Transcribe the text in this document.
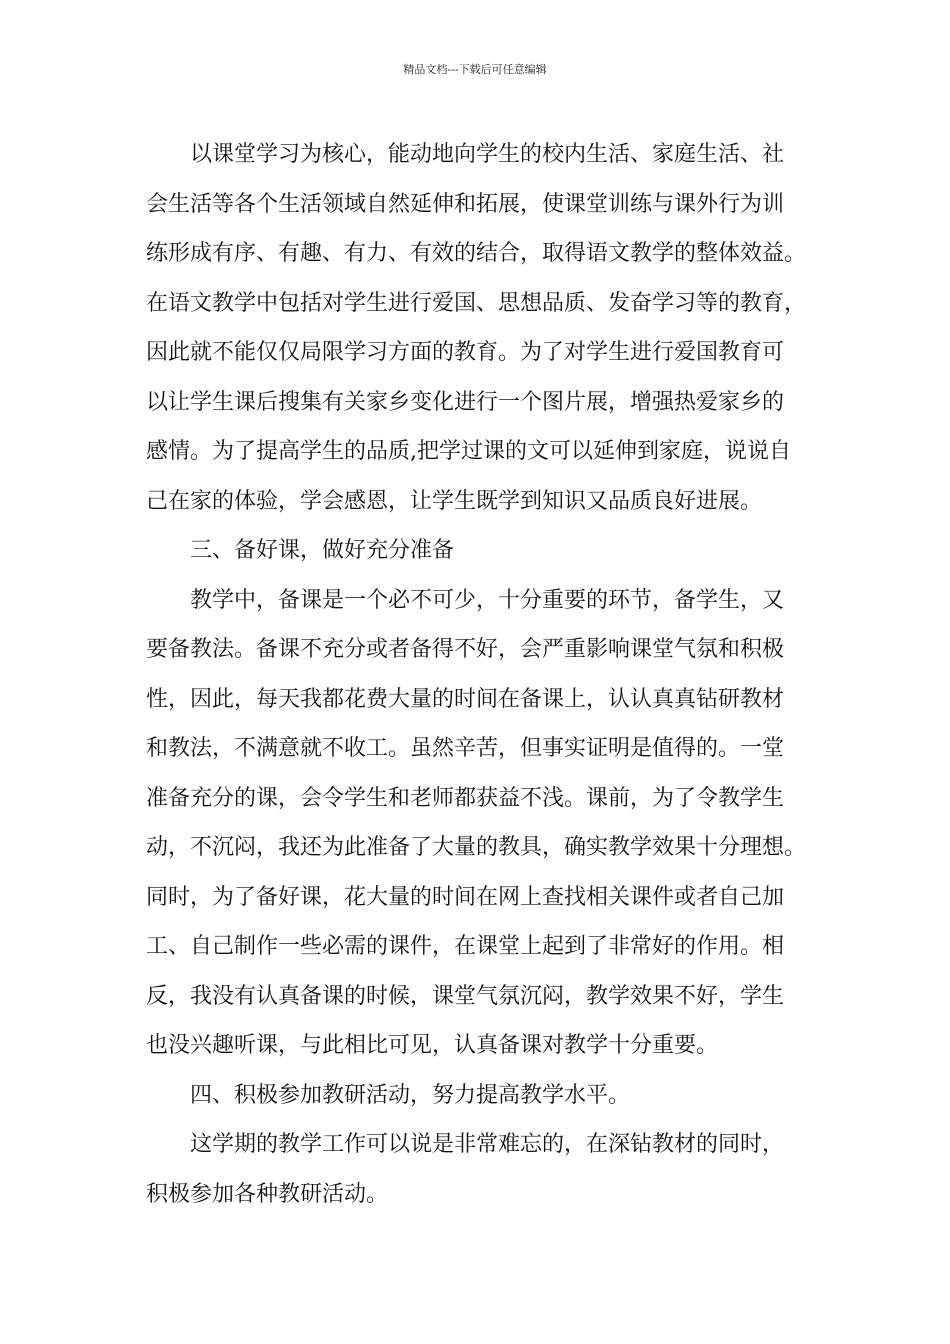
精品文档---下载后可任意编辑
以课堂学习为核心，能动地向学生的校内生活、家庭生活、社
会生活等各个生活领域自然延伸和拓展，使课堂训练与课外行为训
练形成有序、有趣、有力、有效的结合，取得语文教学的整体效益。
在语文教学中包括对学生进行爱国、思想品质、发奋学习等的教育，
因此就不能仅仅局限学习方面的教育。为了对学生进行爱国教育可
以让学生课后搜集有关家乡变化进行一个图片展，增强热爱家乡的
感情。为了提高学生的品质,把学过课的文可以延伸到家庭，说说自
己在家的体验，学会感恩，让学生既学到知识又品质良好进展。
三、备好课，做好充分准备
教学中，备课是一个必不可少，十分重要的环节，备学生，又
要备教法。备课不充分或者备得不好，会严重影响课堂气氛和积极
性，因此，每天我都花费大量的时间在备课上，认认真真钻研教材
和教法，不满意就不收工。虽然辛苦，但事实证明是值得的。一堂
准备充分的课，会令学生和老师都获益不浅。课前，为了令教学生
动，不沉闷，我还为此准备了大量的教具，确实教学效果十分理想。
同时，为了备好课，花大量的时间在网上查找相关课件或者自己加
工、自己制作一些必需的课件，在课堂上起到了非常好的作用。相
反，我没有认真备课的时候，课堂气氛沉闷，教学效果不好，学生
也没兴趣听课，与此相比可见，认真备课对教学十分重要。
四、积极参加教研活动，努力提高教学水平。
这学期的教学工作可以说是非常难忘的，在深钻教材的同时，
积极参加各种教研活动。
